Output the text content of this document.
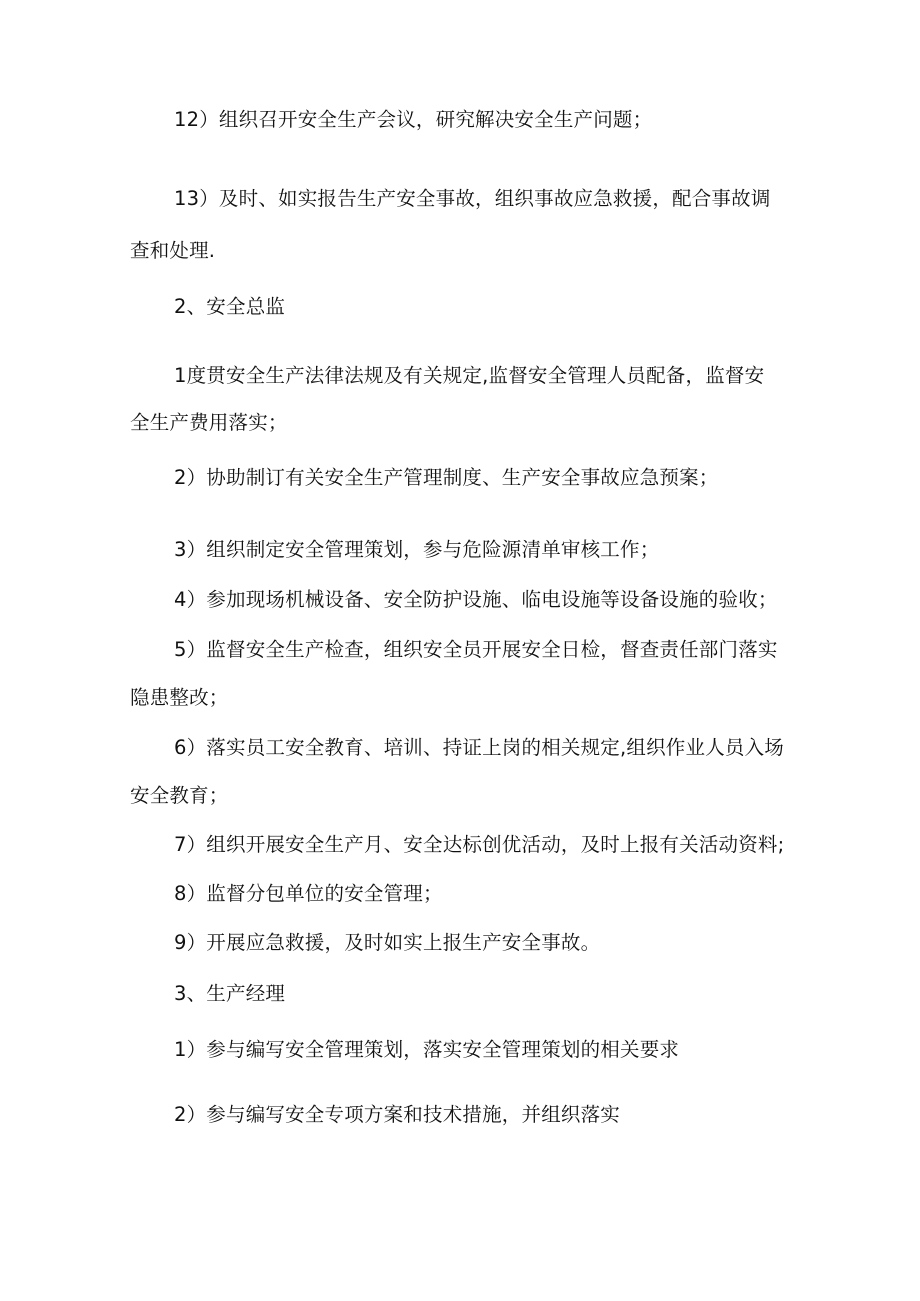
12）组织召开安全生产会议，研究解决安全生产问题；

13）及时、如实报告生产安全事故，组织事故应急救援，配合事故调

查和处理.

2、安全总监

1度贯安全生产法律法规及有关规定,监督安全管理人员配备，监督安

全生产费用落实；

2）协助制订有关安全生产管理制度、生产安全事故应急预案；

3）组织制定安全管理策划，参与危险源清单审核工作；

4）参加现场机械设备、安全防护设施、临电设施等设备设施的验收；

5）监督安全生产检查，组织安全员开展安全日检，督查责任部门落实

隐患整改；

6）落实员工安全教育、培训、持证上岗的相关规定,组织作业人员入场

安全教育；

7）组织开展安全生产月、安全达标创优活动，及时上报有关活动资料;

8）监督分包单位的安全管理；

9）开展应急救援，及时如实上报生产安全事故。

3、生产经理

1）参与编写安全管理策划，落实安全管理策划的相关要求

2）参与编写安全专项方案和技术措施，并组织落实
